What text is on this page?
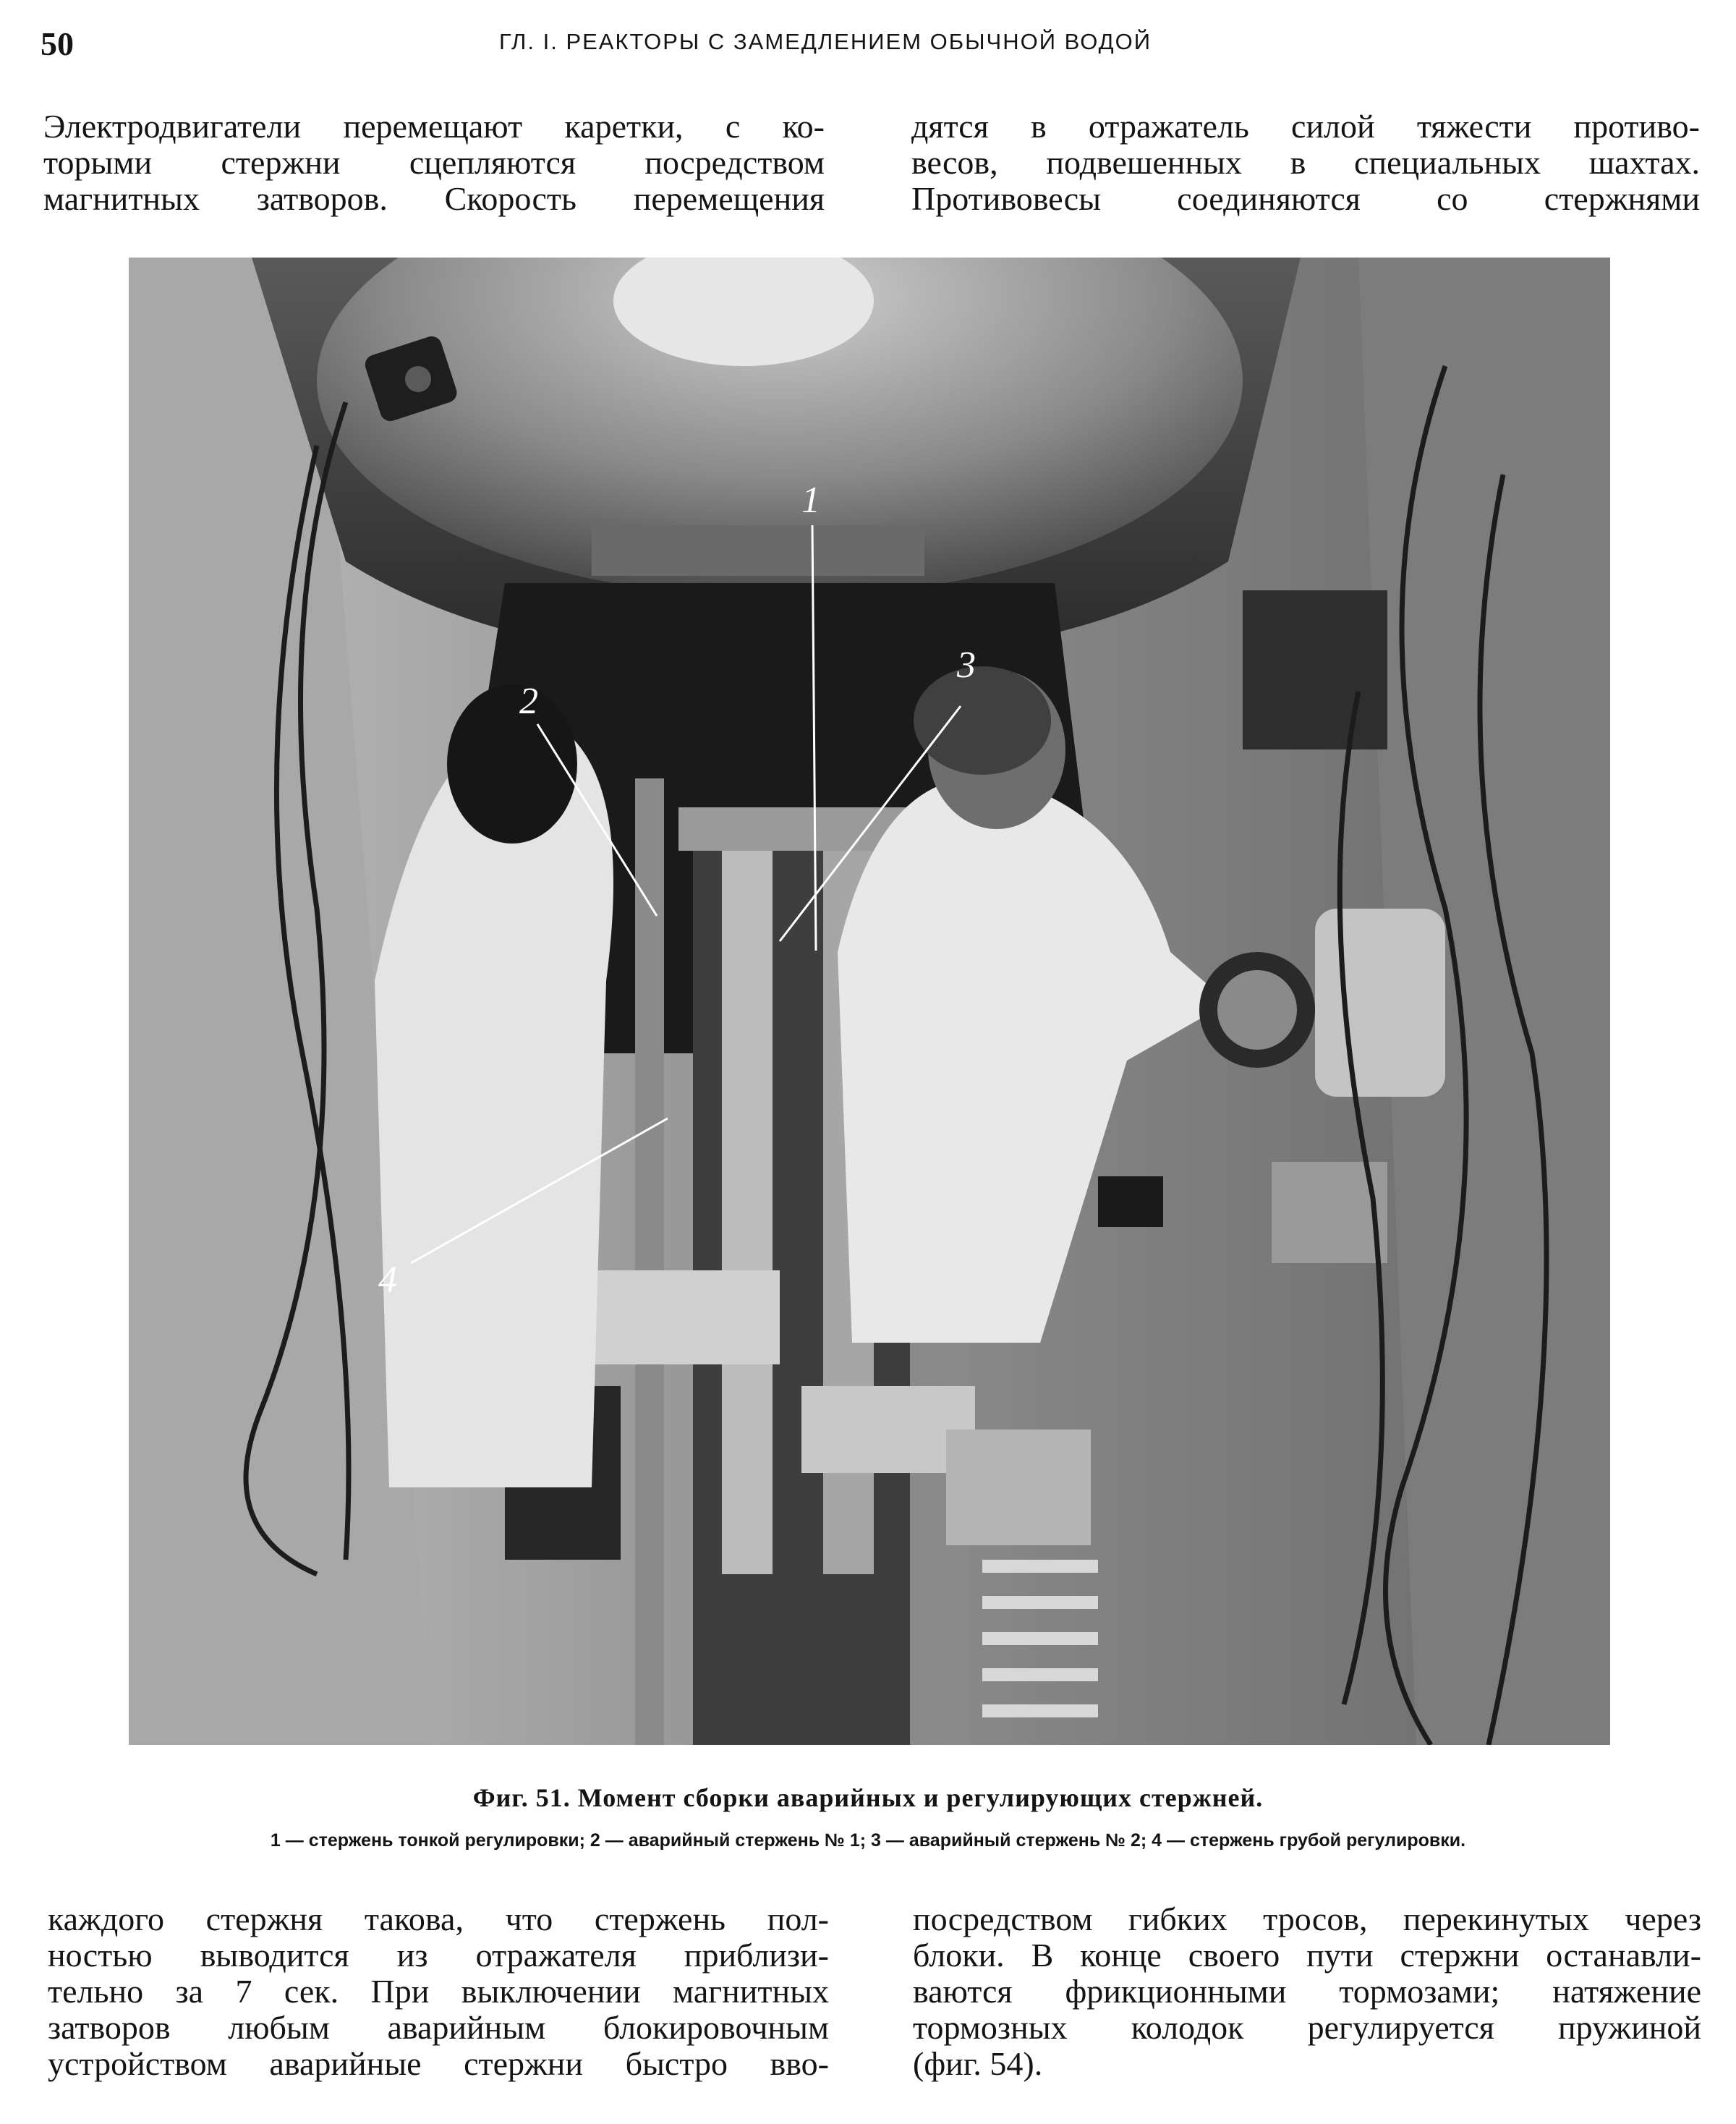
50	ГЛ. I. РЕАКТОРЫ С ЗАМЕДЛЕНИЕМ ОБЫЧНОЙ ВОДОЙ
Электродвигатели перемещают каретки, с ко-
торыми стержни сцепляются посредством
магнитных затворов. Скорость перемещения
дятся в отражатель силой тяжести противо-
весов, подвешенных в специальных шахтах.
Противовесы соединяются со стержнями
1
2
3
4
Фиг. 51. Момент сборки аварийных и регулирующих стержней.
1 — стержень тонкой регулировки; 2 — аварийный стержень № 1; 3 — аварийный стержень № 2; 4 — стержень грубой регулировки.
каждого стержня такова, что стержень пол-
ностью выводится из отражателя приблизи-
тельно за 7 сек. При выключении магнитных
затворов любым аварийным блокировочным
устройством аварийные стержни быстро вво-
посредством гибких тросов, перекинутых через
блоки. В конце своего пути стержни останавли-
ваются фрикционными тормозами; натяжение
тормозных колодок регулируется пружиной
(фиг. 54).
